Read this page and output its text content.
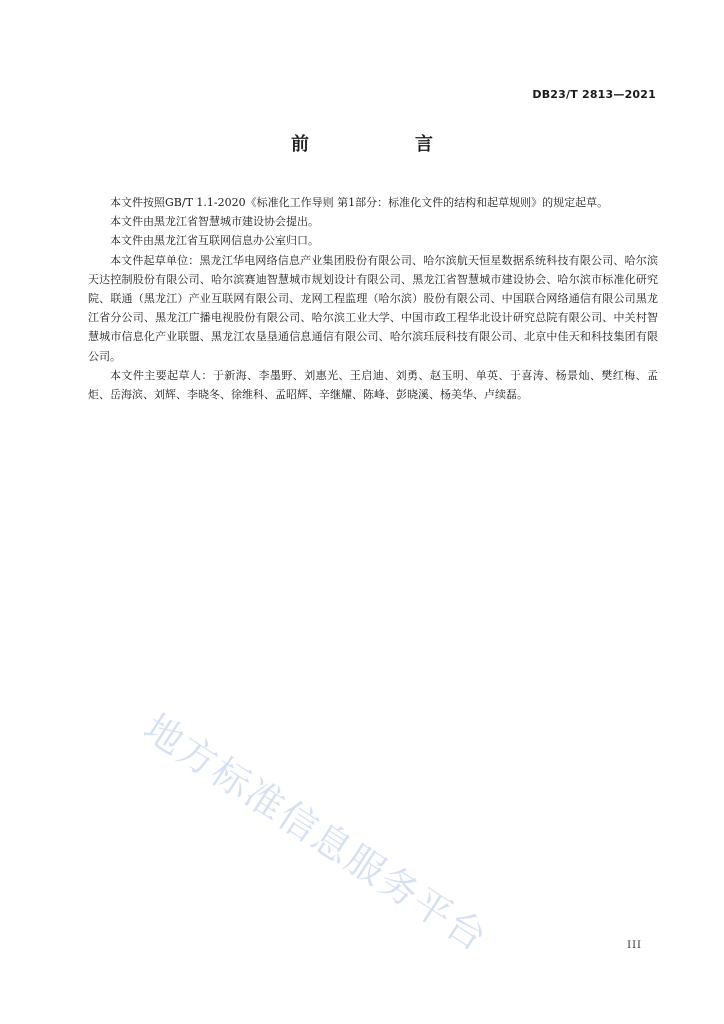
DB23/T 2813—2021
前　言

本文件按照GB/T 1.1-2020《标准化工作导则 第1部分：标准化文件的结构和起草规则》的规定起草。

本文件由黑龙江省智慧城市建设协会提出。

本文件由黑龙江省互联网信息办公室归口。

本文件起草单位：黑龙江华电网络信息产业集团股份有限公司、哈尔滨航天恒星数据系统科技有限公司、哈尔滨天达控制股份有限公司、哈尔滨赛迪智慧城市规划设计有限公司、黑龙江省智慧城市建设协会、哈尔滨市标准化研究院、联通（黑龙江）产业互联网有限公司、龙网工程监理（哈尔滨）股份有限公司、中国联合网络通信有限公司黑龙江省分公司、黑龙江广播电视股份有限公司、哈尔滨工业大学、中国市政工程华北设计研究总院有限公司、中关村智慧城市信息化产业联盟、黑龙江农垦垦通信息通信有限公司、哈尔滨珏辰科技有限公司、北京中佳天和科技集团有限公司。

本文件主要起草人：于新海、李墨野、刘惠光、王启迪、刘勇、赵玉明、单英、于喜涛、杨景灿、樊红梅、孟炬、岳海滨、刘辉、李晓冬、徐维科、孟昭辉、辛继耀、陈峰、彭晓溪、杨美华、卢续磊。

地方标准信息服务平台	III
